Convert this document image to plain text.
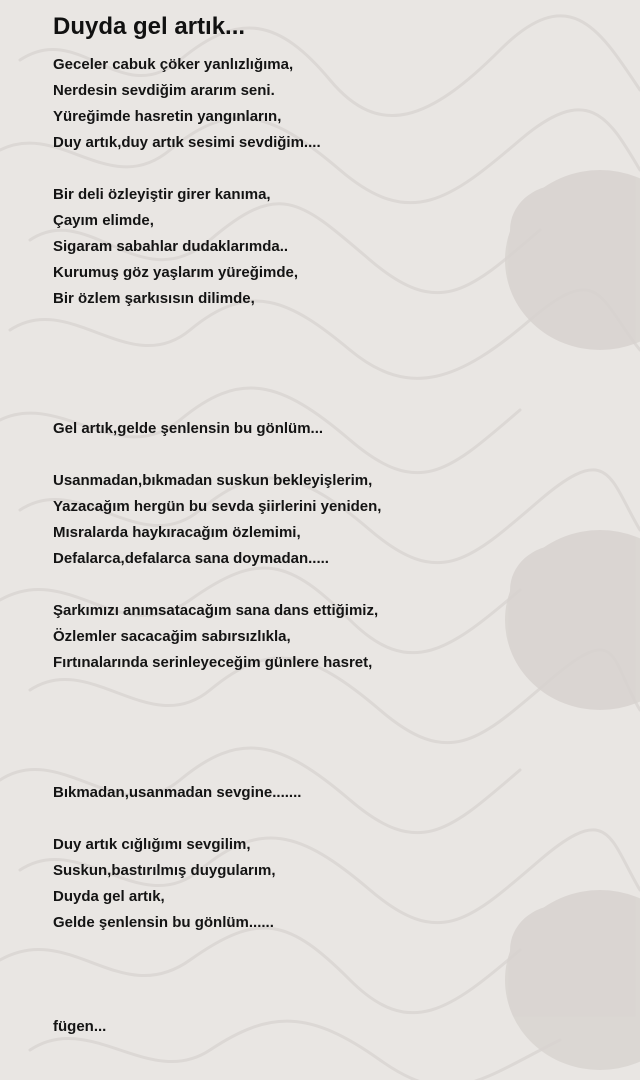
Duyda gel artık...
Geceler cabuk çöker yanlızlığıma,
Nerdesin sevdiğim ararım seni.
Yüreğimde hasretin yangınların,
Duy artık,duy artık sesimi sevdiğim....
Bir deli özleyiştir girer kanıma,
Çayım elimde,
Sigaram sabahlar dudaklarımda..
Kurumuş göz yaşlarım yüreğimde,
Bir özlem şarkısısın dilimde,
Gel artık,gelde şenlensin bu gönlüm...
Usanmadan,bıkmadan suskun bekleyişlerim,
Yazacağım hergün bu sevda şiirlerini yeniden,
Mısralarda haykıracağım özlemimi,
Defalarca,defalarca sana doymadan.....
Şarkımızı anımsatacağım sana dans ettiğimiz,
Özlemler sacacağim sabırsızlıkla,
Fırtınalarında serinleyeceğim günlere hasret,
Bıkmadan,usanmadan sevgine.......
Duy artık cığlığımı sevgilim,
Suskun,bastırılmış duygularım,
Duyda gel artık,
Gelde şenlensin bu gönlüm......
fügen...
